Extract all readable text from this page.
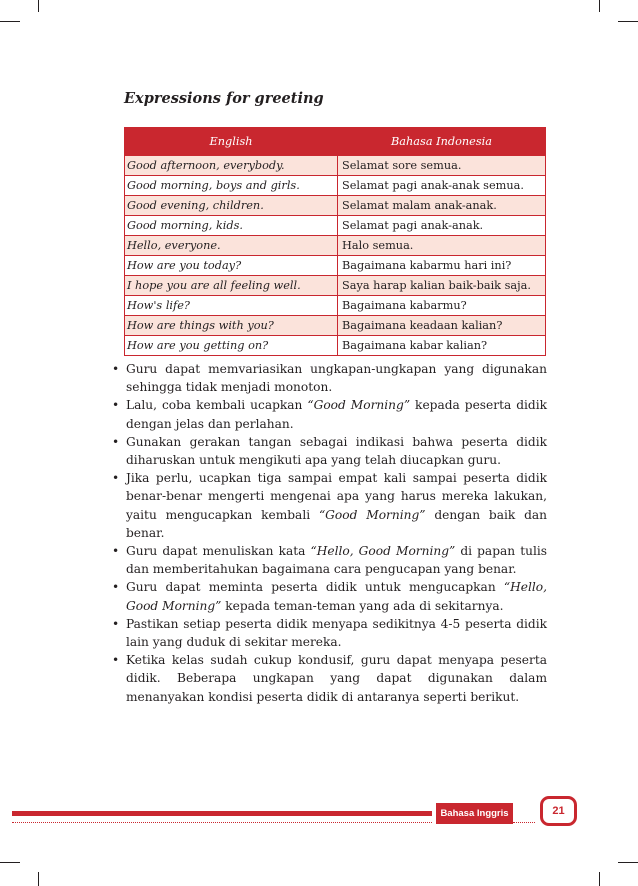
Expressions for greeting
English	Bahasa Indonesia
Good afternoon, everybody.	Selamat sore semua.
Good morning, boys and girls.	Selamat pagi anak-anak semua.
Good evening, children.	Selamat malam anak-anak.
Good morning, kids.	Selamat pagi anak-anak.
Hello, everyone.	Halo semua.
How are you today?	Bagaimana kabarmu hari ini?
I hope you are all feeling well.	Saya harap kalian baik-baik saja.
How's life?	Bagaimana kabarmu?
How are things with you?	Bagaimana keadaan kalian?
How are you getting on?	Bagaimana kabar kalian?
• Guru dapat memvariasikan ungkapan-ungkapan yang digunakan sehingga tidak menjadi monoton.
• Lalu, coba kembali ucapkan “Good Morning” kepada peserta didik dengan jelas dan perlahan.
• Gunakan gerakan tangan sebagai indikasi bahwa peserta didik diharuskan untuk mengikuti apa yang telah diucapkan guru.
• Jika perlu, ucapkan tiga sampai empat kali sampai peserta didik benar-benar mengerti mengenai apa yang harus mereka lakukan, yaitu mengucapkan kembali “Good Morning” dengan baik dan benar.
• Guru dapat menuliskan kata “Hello, Good Morning” di papan tulis dan memberitahukan bagaimana cara pengucapan yang benar.
• Guru dapat meminta peserta didik untuk mengucapkan “Hello, Good Morning” kepada teman-teman yang ada di sekitarnya.
• Pastikan setiap peserta didik menyapa sedikitnya 4-5 peserta didik lain yang duduk di sekitar mereka.
• Ketika kelas sudah cukup kondusif, guru dapat menyapa peserta didik. Beberapa ungkapan yang dapat digunakan dalam menanyakan kondisi peserta didik di antaranya seperti berikut.
Bahasa Inggris	21
